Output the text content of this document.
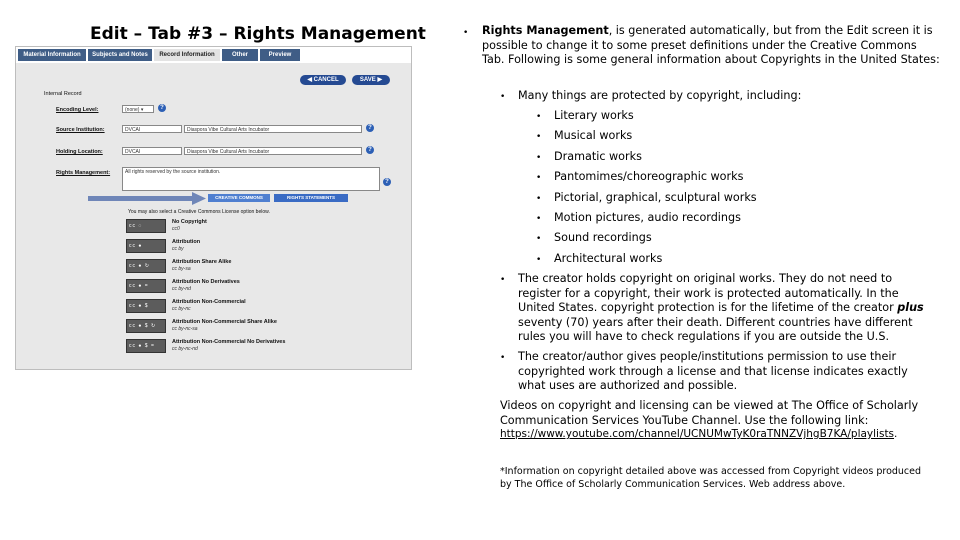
Edit – Tab #3 – Rights Management
Material Information	Subjects and Notes	Record Information	Other	Preview
◀ CANCEL	SAVE ▶
Internal Record
Encoding Level:	(none) ▾	?
Source Institution:	DVCAI	Diaspora Vibe Cultural Arts Incubator	?
Holding Location:	DVCAI	Diaspora Vibe Cultural Arts Incubator	?
Rights Management:	All rights reserved by the source institution.
?
CREATIVE COMMONS	RIGHTS STATEMENTS
You may also select a Creative Commons License option below.
cc ◌
No Copyright
cc0
cc ●
Attribution
cc by
cc ● ↻
Attribution Share Alike
cc by-sa
cc ● =
Attribution No Derivatives
cc by-nd
cc ● $
Attribution Non-Commercial
cc by-nc
cc ● $ ↻
Attribution Non-Commercial Share Alike
cc by-nc-sa
cc ● $ =
Attribution Non-Commercial No Derivatives
cc by-nc-nd
• Rights Management, is generated automatically, but from the Edit screen it is possible to change it to some preset definitions under the Creative Commons Tab. Following is some general information about Copyrights in the United States:
• Many things are protected by copyright, including:
• Literary works
• Musical works
• Dramatic works
• Pantomimes/choreographic works
• Pictorial, graphical, sculptural works
• Motion pictures, audio recordings
• Sound recordings
• Architectural works
• The creator holds copyright on original works. They do not need to register for a copyright, their work is protected automatically. In the United States. copyright protection is for the lifetime of the creator plus seventy (70) years after their death. Different countries have different rules you will have to check regulations if you are outside the U.S.
• The creator/author gives people/institutions permission to use their copyrighted work through a license and that license indicates exactly what uses are authorized and possible.
Videos on copyright and licensing can be viewed at The Office of Scholarly Communication Services YouTube Channel. Use the following link:
https://www.youtube.com/channel/UCNUMwTyK0raTNNZVjhgB7KA/playlists.
*Information on copyright detailed above was accessed from Copyright videos produced by The Office of Scholarly Communication Services. Web address above.
